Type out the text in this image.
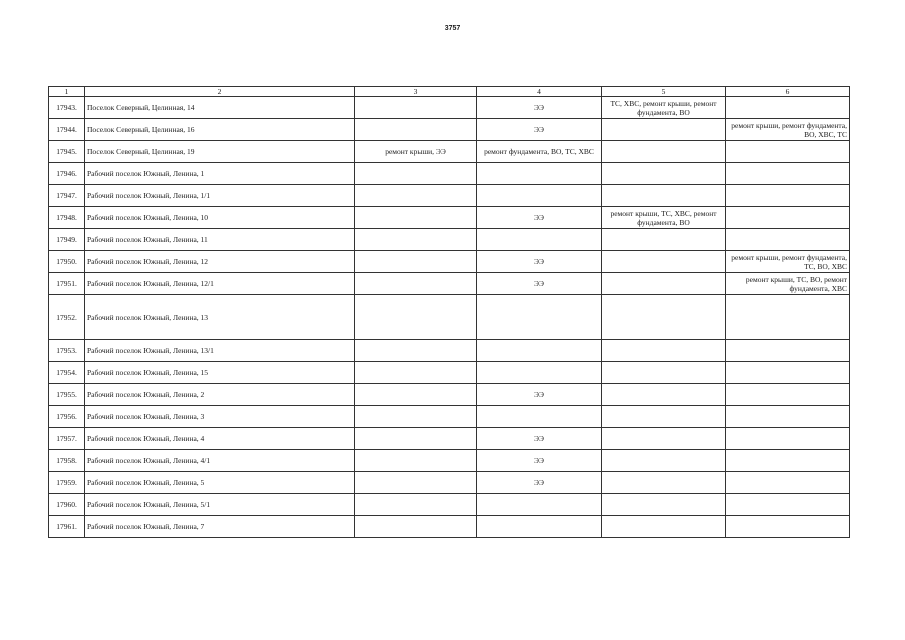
3757
1	2	3	4	5	6
17943.	Поселок Северный, Целинная, 14		ЭЭ	ТС, ХВС, ремонт крыши, ремонт фундамента, ВО	
17944.	Поселок Северный, Целинная, 16		ЭЭ		ремонт крыши, ремонт фундамента, ВО, ХВС, ТС
17945.	Поселок Северный, Целинная, 19	ремонт крыши, ЭЭ	ремонт фундамента, ВО, ТС, ХВС		
17946.	Рабочий поселок Южный, Ленина, 1				
17947.	Рабочий поселок Южный, Ленина, 1/1				
17948.	Рабочий поселок Южный, Ленина, 10		ЭЭ	ремонт крыши, ТС, ХВС, ремонт фундамента, ВО	
17949.	Рабочий поселок Южный, Ленина, 11				
17950.	Рабочий поселок Южный, Ленина, 12		ЭЭ		ремонт крыши, ремонт фундамента, ТС, ВО, ХВС
17951.	Рабочий поселок Южный, Ленина, 12/1		ЭЭ		ремонт крыши, ТС, ВО, ремонт фундамента, ХВС
17952.	Рабочий поселок Южный, Ленина, 13				
17953.	Рабочий поселок Южный, Ленина, 13/1				
17954.	Рабочий поселок Южный, Ленина, 15				
17955.	Рабочий поселок Южный, Ленина, 2		ЭЭ		
17956.	Рабочий поселок Южный, Ленина, 3				
17957.	Рабочий поселок Южный, Ленина, 4		ЭЭ		
17958.	Рабочий поселок Южный, Ленина, 4/1		ЭЭ		
17959.	Рабочий поселок Южный, Ленина, 5		ЭЭ		
17960.	Рабочий поселок Южный, Ленина, 5/1				
17961.	Рабочий поселок Южный, Ленина, 7				
